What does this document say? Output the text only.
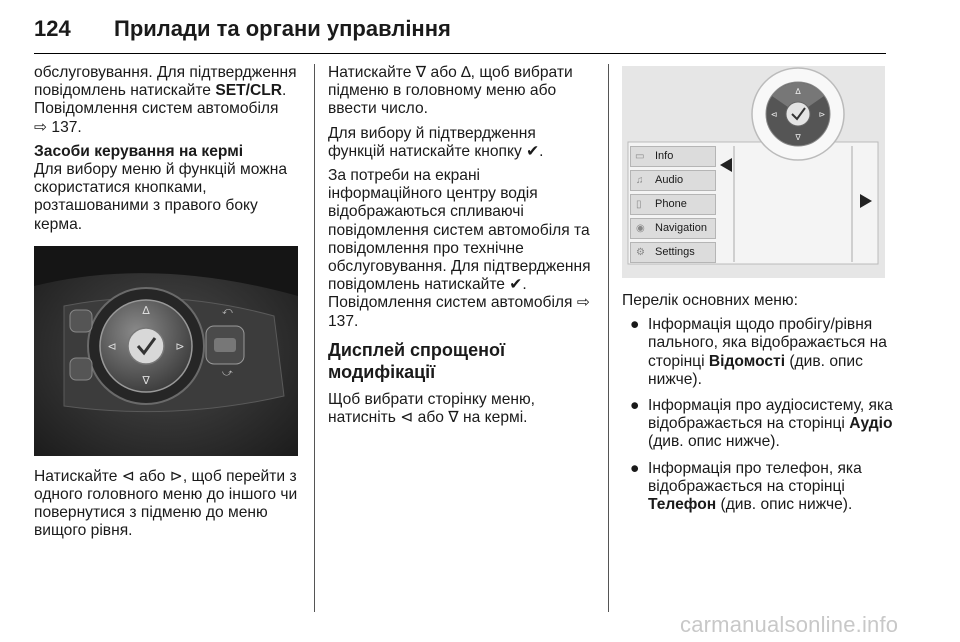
124 Прилади та органи управління
обслуговування. Для підтвердження повідомлень натискайте SET/CLR.
Повідомлення систем автомобіля
⇨ 137.
Засоби керування на кермі
Для вибору меню й функцій можна скористатися кнопками, розташованими з правого боку керма.
∆
∇
⊲	⊳
⤺
⤻
Натискайте ⊲ або ⊳, щоб перейти з одного головного меню до іншого чи повернутися з підменю до меню вищого рівня.
Натискайте ∇ або ∆, щоб вибрати підменю в головному меню або ввести число.
Для вибору й підтвердження функцій натискайте кнопку ✔.
За потреби на екрані інформаційного центру водія відображаються спливаючі повідомлення систем автомобіля та повідомлення про технічне обслуговування. Для підтвердження повідомлень натискайте ✔. Повідомлення систем автомобіля ⇨ 137.
Дисплей спрощеної модифікації
Щоб вибрати сторінку меню, натисніть ⊲ або ∇ на кермі.
∆
∇
⊲	⊳
▭ Info
♫ Audio
▯ Phone
◉ Navigation
⚙ Settings
Перелік основних меню:
● Інформація щодо пробігу/рівня пального, яка відображається на сторінці Відомості (див. опис нижче).
● Інформація про аудіосистему, яка відображається на сторінці Аудіо (див. опис нижче).
● Інформація про телефон, яка відображається на сторінці Телефон (див. опис нижче).
carmanualsonline.info
